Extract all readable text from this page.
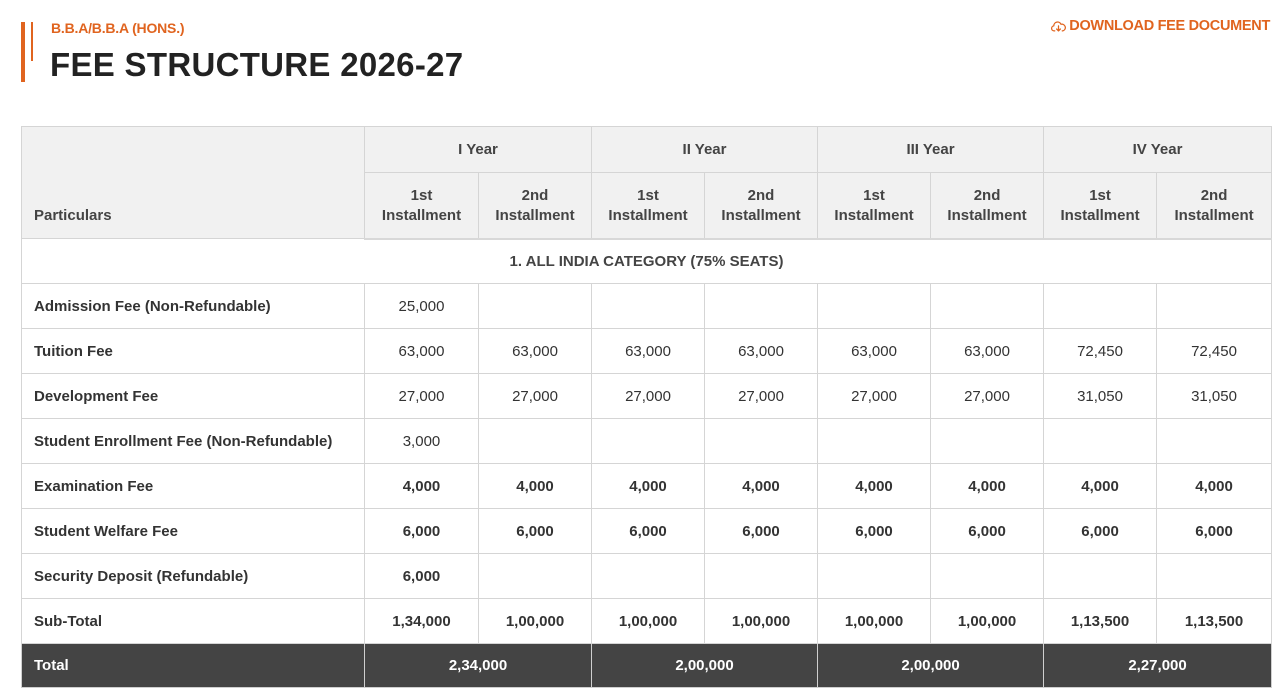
B.B.A/B.B.A (HONS.)
FEE STRUCTURE 2026-27
DOWNLOAD FEE DOCUMENT
Particulars	I Year		II Year		III Year		IV Year	
	1st
Installment	2nd
Installment	1st
Installment	2nd
Installment	1st
Installment	2nd
Installment	1st
Installment	2nd
Installment
1. ALL INDIA CATEGORY (75% SEATS)								
Admission Fee (Non-Refundable)	25,000							
Tuition Fee	63,000	63,000	63,000	63,000	63,000	63,000	72,450	72,450
Development Fee	27,000	27,000	27,000	27,000	27,000	27,000	31,050	31,050
Student Enrollment Fee (Non-Refundable)	3,000							
Examination Fee	4,000	4,000	4,000	4,000	4,000	4,000	4,000	4,000
Student Welfare Fee	6,000	6,000	6,000	6,000	6,000	6,000	6,000	6,000
Security Deposit (Refundable)	6,000							
Sub-Total	1,34,000	1,00,000	1,00,000	1,00,000	1,00,000	1,00,000	1,13,500	1,13,500
Total	2,34,000		2,00,000		2,00,000		2,27,000	
